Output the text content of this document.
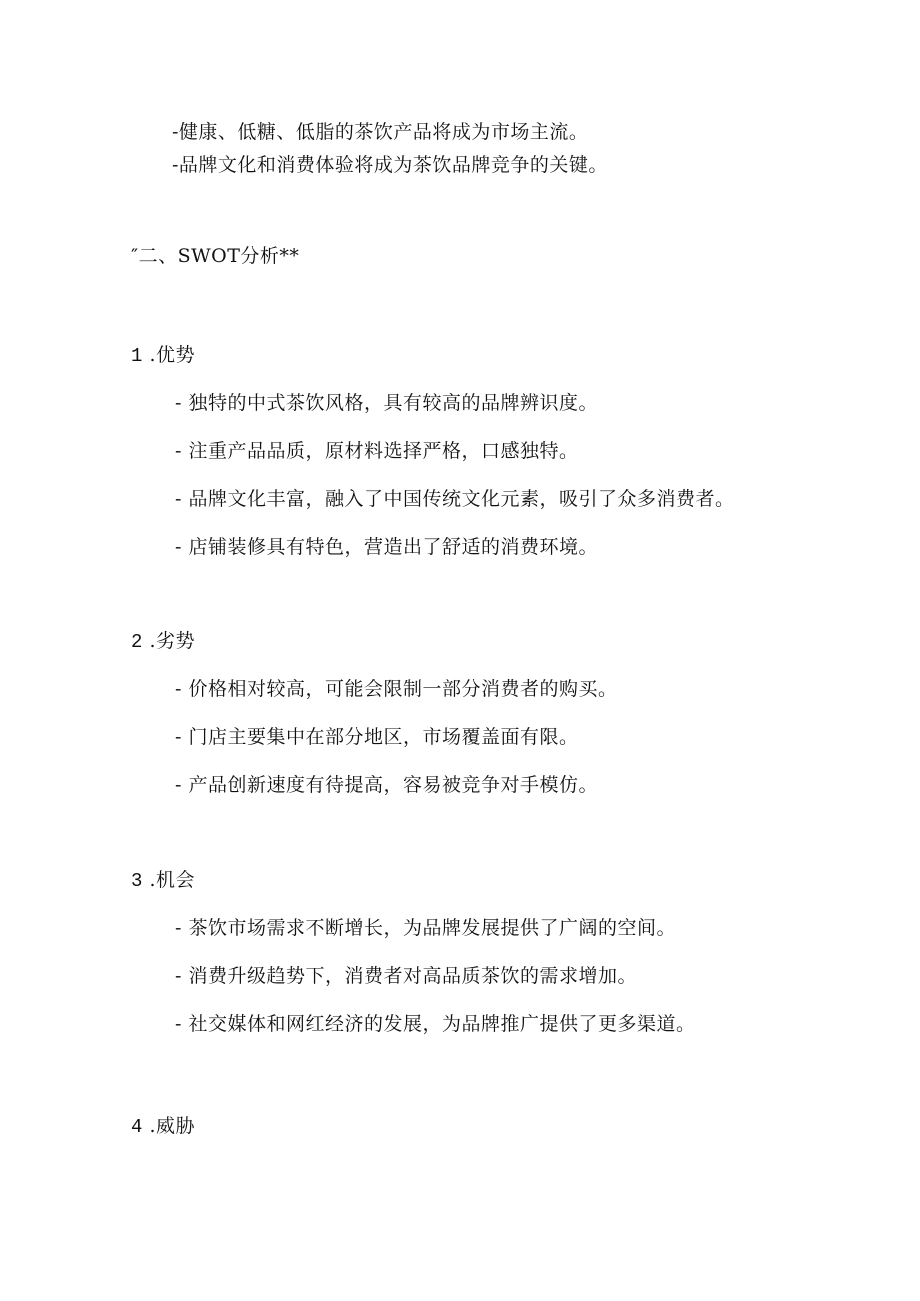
-健康、低糖、低脂的茶饮产品将成为市场主流。
-品牌文化和消费体验将成为茶饮品牌竞争的关键。
″二、SWOT分析**
1 .优势
- 独特的中式茶饮风格，具有较高的品牌辨识度。
- 注重产品品质，原材料选择严格，口感独特。
- 品牌文化丰富，融入了中国传统文化元素，吸引了众多消费者。
- 店铺装修具有特色，营造出了舒适的消费环境。
2 .劣势
- 价格相对较高，可能会限制一部分消费者的购买。
- 门店主要集中在部分地区，市场覆盖面有限。
- 产品创新速度有待提高，容易被竞争对手模仿。
3 .机会
- 茶饮市场需求不断增长，为品牌发展提供了广阔的空间。
- 消费升级趋势下，消费者对高品质茶饮的需求增加。
- 社交媒体和网红经济的发展，为品牌推广提供了更多渠道。
4 .威胁
